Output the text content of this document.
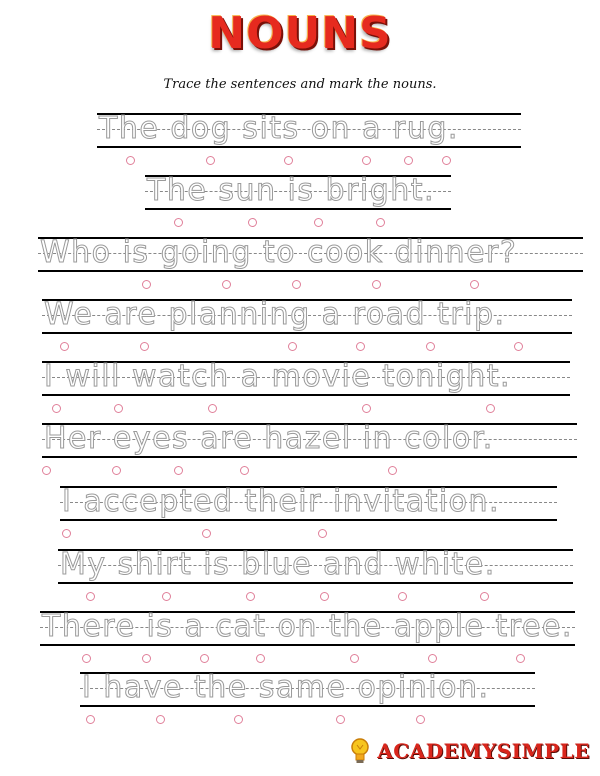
NOUNS
Trace the sentences and mark the nouns.
The dog sits on a rug.
The sun is bright.
Who is going to cook dinner?
We are planning a road trip.
I will watch a movie tonight.
Her eyes are hazel in color.
I accepted their invitation.
My shirt is blue and white.
There is a cat on the apple tree.
I have the same opinion.
ACADEMYSIMPLE
